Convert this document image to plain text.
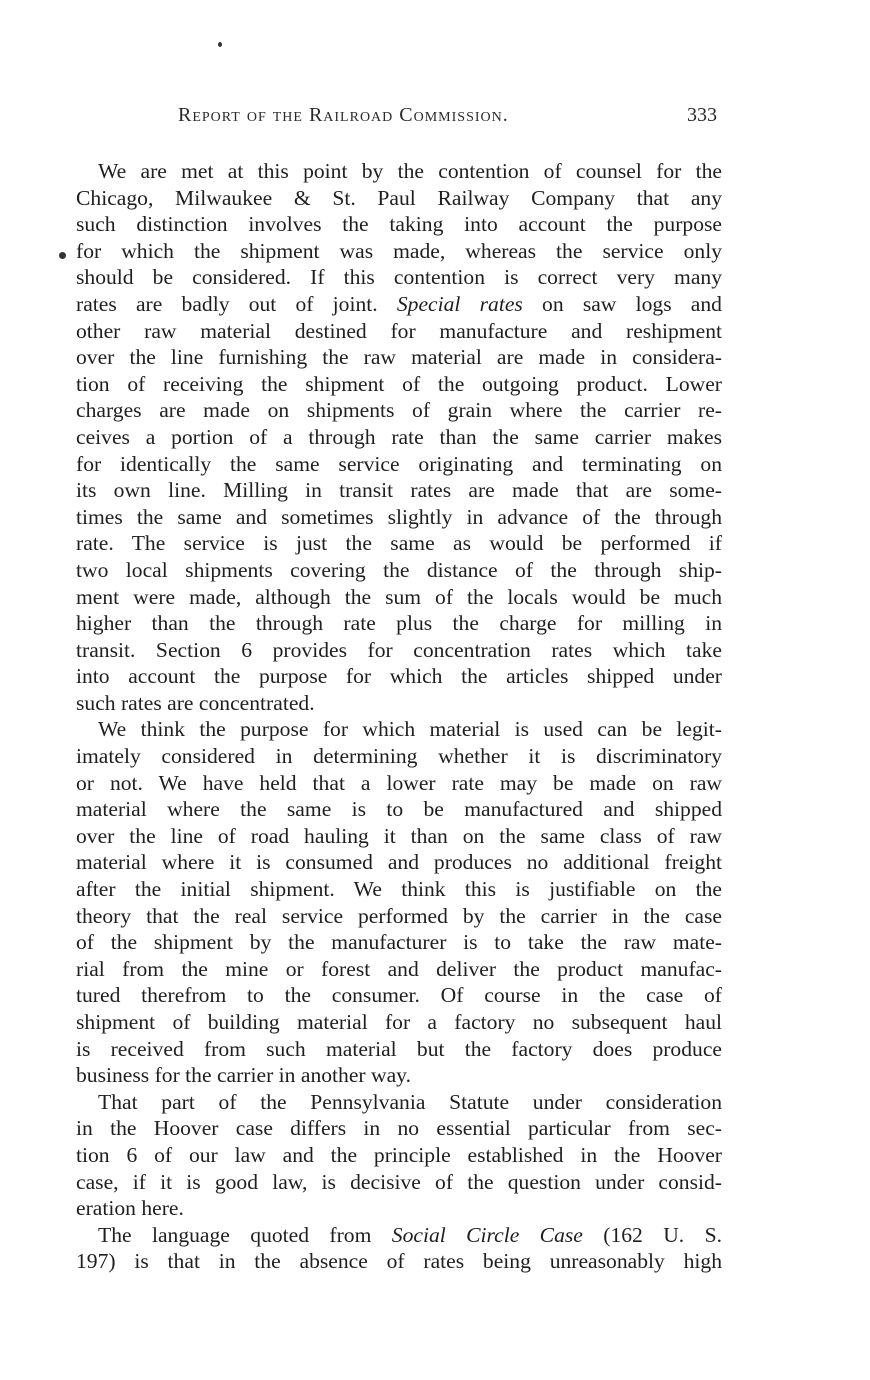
Report of the Railroad Commission.	333
We are met at this point by the contention of counsel for the
Chicago, Milwaukee & St. Paul Railway Company that any
such distinction involves the taking into account the purpose
for which the shipment was made, whereas the service only
should be considered. If this contention is correct very many
rates are badly out of joint. Special rates on saw logs and
other raw material destined for manufacture and reshipment
over the line furnishing the raw material are made in considera-
tion of receiving the shipment of the outgoing product. Lower
charges are made on shipments of grain where the carrier re-
ceives a portion of a through rate than the same carrier makes
for identically the same service originating and terminating on
its own line. Milling in transit rates are made that are some-
times the same and sometimes slightly in advance of the through
rate. The service is just the same as would be performed if
two local shipments covering the distance of the through ship-
ment were made, although the sum of the locals would be much
higher than the through rate plus the charge for milling in
transit. Section 6 provides for concentration rates which take
into account the purpose for which the articles shipped under
such rates are concentrated.
We think the purpose for which material is used can be legit-
imately considered in determining whether it is discriminatory
or not. We have held that a lower rate may be made on raw
material where the same is to be manufactured and shipped
over the line of road hauling it than on the same class of raw
material where it is consumed and produces no additional freight
after the initial shipment. We think this is justifiable on the
theory that the real service performed by the carrier in the case
of the shipment by the manufacturer is to take the raw mate-
rial from the mine or forest and deliver the product manufac-
tured therefrom to the consumer. Of course in the case of
shipment of building material for a factory no subsequent haul
is received from such material but the factory does produce
business for the carrier in another way.
That part of the Pennsylvania Statute under consideration
in the Hoover case differs in no essential particular from sec-
tion 6 of our law and the principle established in the Hoover
case, if it is good law, is decisive of the question under consid-
eration here.
The language quoted from Social Circle Case (162 U. S.
197) is that in the absence of rates being unreasonably high
